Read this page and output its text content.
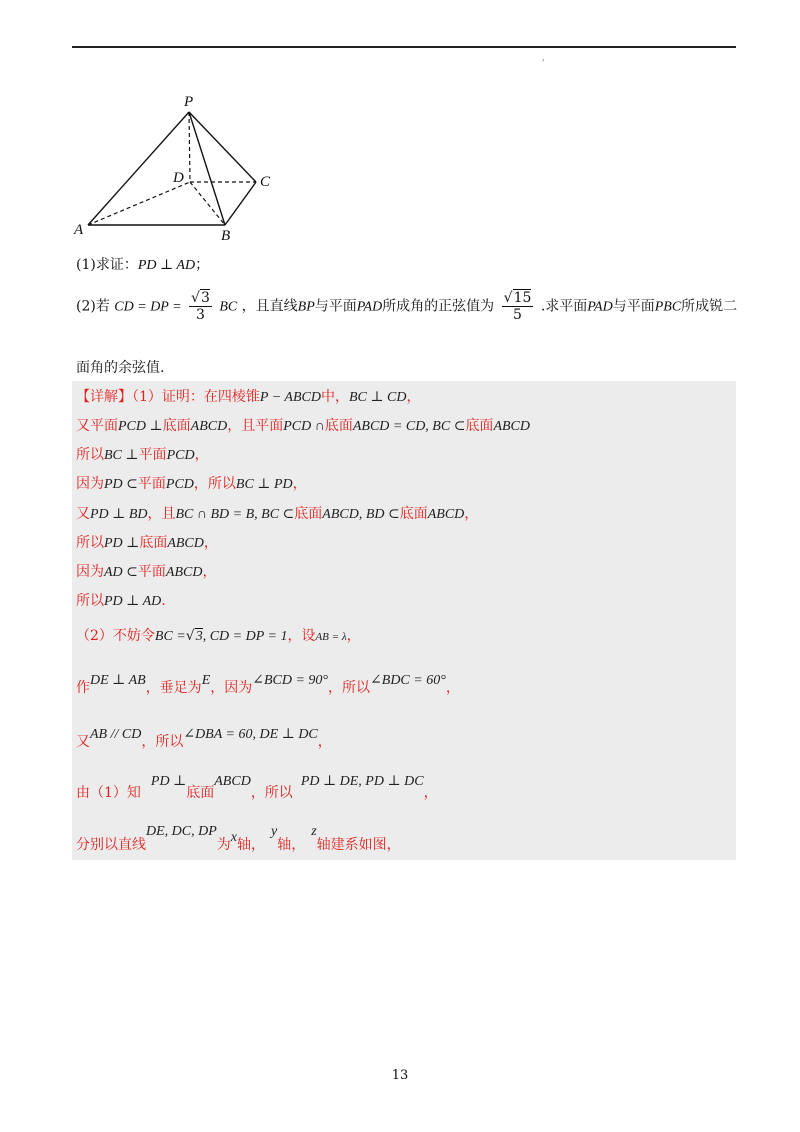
'
P
D	C
A	B
(1)求证：PD ⊥ AD；
(2)若 CD = DP = $\frac{√3}{3}$ BC ，且直线BP与平面PAD所成角的正弦值为 $\frac{√15}{5}$ .求平面PAD与平面PBC所成锐二
面角的余弦值.
【详解】（1）证明：在四棱锥P − ABCD中，BC ⊥ CD，
又平面PCD ⊥底面ABCD，且平面PCD ∩底面ABCD = CD, BC ⊂底面ABCD
所以BC ⊥平面PCD，
因为PD ⊂平面PCD，所以BC ⊥ PD，
又PD ⊥ BD，且BC ∩ BD = B, BC ⊂底面ABCD, BD ⊂底面ABCD，
所以PD ⊥底面ABCD，
因为AD ⊂平面ABCD，
所以PD ⊥ AD.
（2）不妨令BC =√3, CD = DP = 1，设AB = λ，
作DE ⊥ AB，垂足为E，因为∠BCD = 90°，所以∠BDC = 60°，
又AB // CD，所以∠DBA = 60, DE ⊥ DC，
由（1）知PD ⊥底面ABCD，所以PD ⊥ DE, PD ⊥ DC，
分别以直线DE, DC, DP为x轴，y轴，z轴建系如图，
13
